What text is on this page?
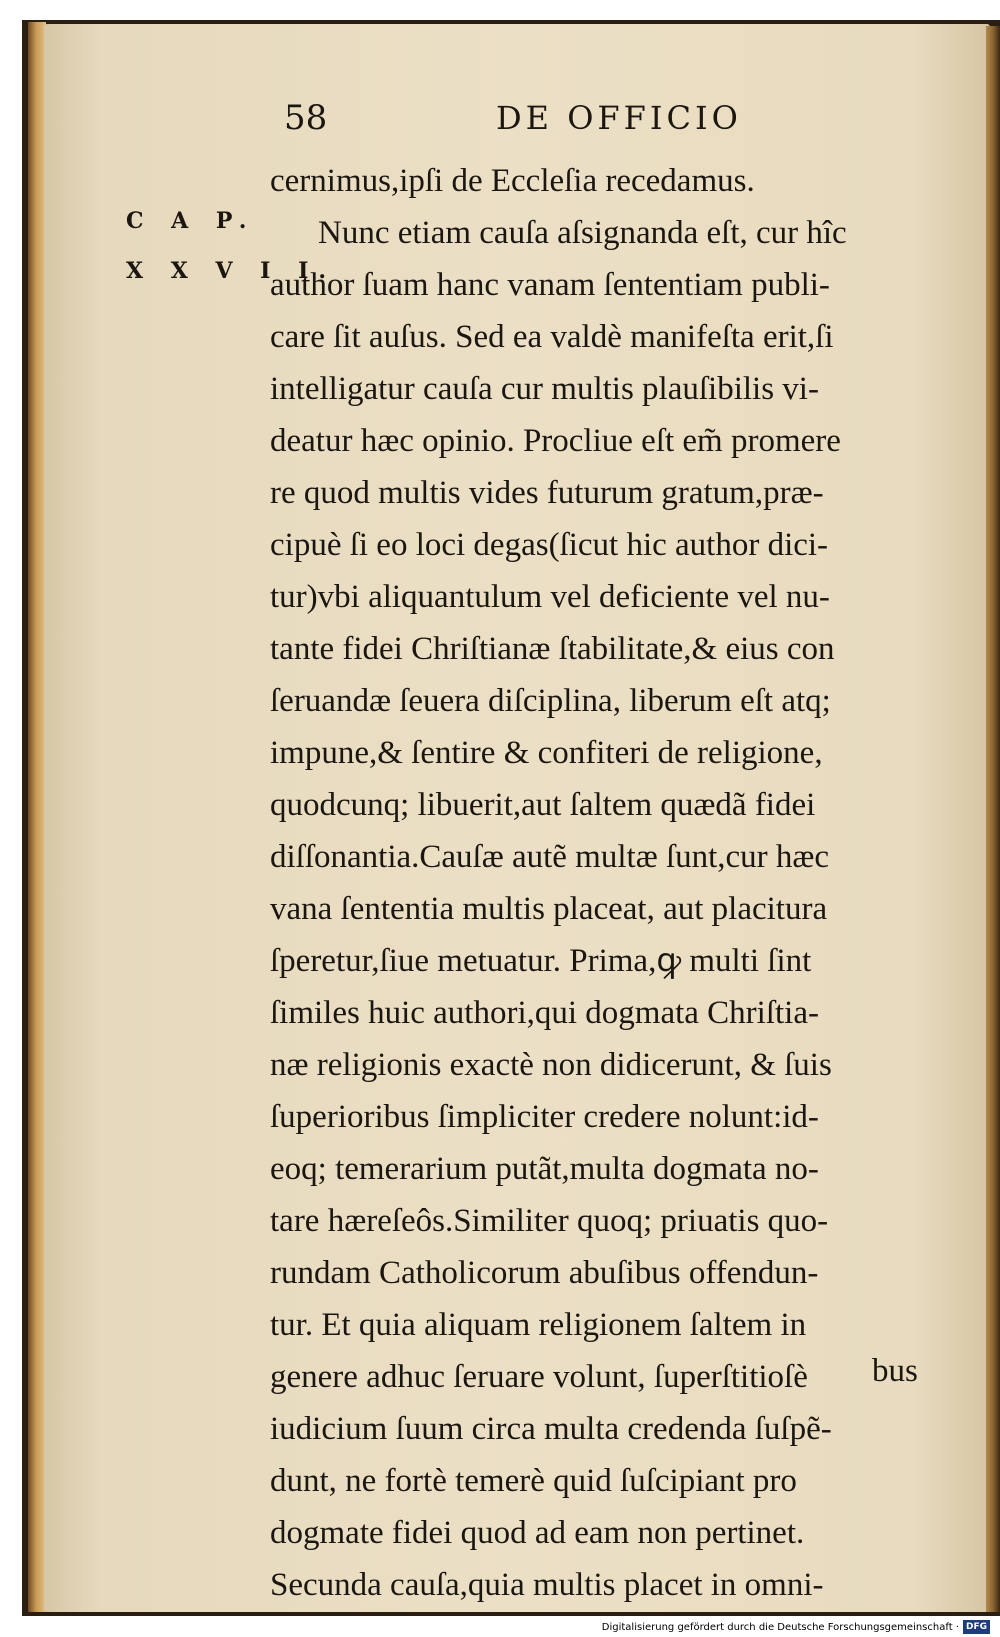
58	DE OFFICIO
C A P.
X X V I I.
cernimus,ipſi de Eccleſia recedamus.
Nunc etiam cauſa aſsignanda eſt, cur hîc
author ſuam hanc vanam ſententiam publi-
care ſit auſus. Sed ea valdè manifeſta erit,ſi
intelligatur cauſa cur multis plauſibilis vi-
deatur hæc opinio. Procliue eſt em̃ promere
re quod multis vides futurum gratum,præ-
cipuè ſi eo loci degas(ſicut hic author dici-
tur)vbi aliquantulum vel deficiente vel nu-
tante fidei Chriſtianæ ſtabilitate,& eius con
ſeruandæ ſeuera diſciplina, liberum eſt atq;
impune,& ſentire & confiteri de religione,
quodcunq; libuerit,aut ſaltem quædã fidei
diſſonantia.Cauſæ autẽ multæ ſunt,cur hæc
vana ſententia multis placeat, aut placitura
ſperetur,ſiue metuatur. Prima,ꝙ multi ſint
ſimiles huic authori,qui dogmata Chriſtia-
næ religionis exactè non didicerunt, & ſuis
ſuperioribus ſimpliciter credere nolunt:id-
eoq; temerarium putãt,multa dogmata no-
tare hæreſeôs.Similiter quoq; priuatis quo-
rundam Catholicorum abuſibus offendun-
tur. Et quia aliquam religionem ſaltem in
genere adhuc ſeruare volunt, ſuperſtitioſè
iudicium ſuum circa multa credenda ſuſpẽ-
dunt, ne fortè temerè quid ſuſcipiant pro
dogmate fidei quod ad eam non pertinet.
Secunda cauſa,quia multis placet in omni-
bus
Digitalisierung gefördert durch die Deutsche Forschungsgemeinschaft · DFG
